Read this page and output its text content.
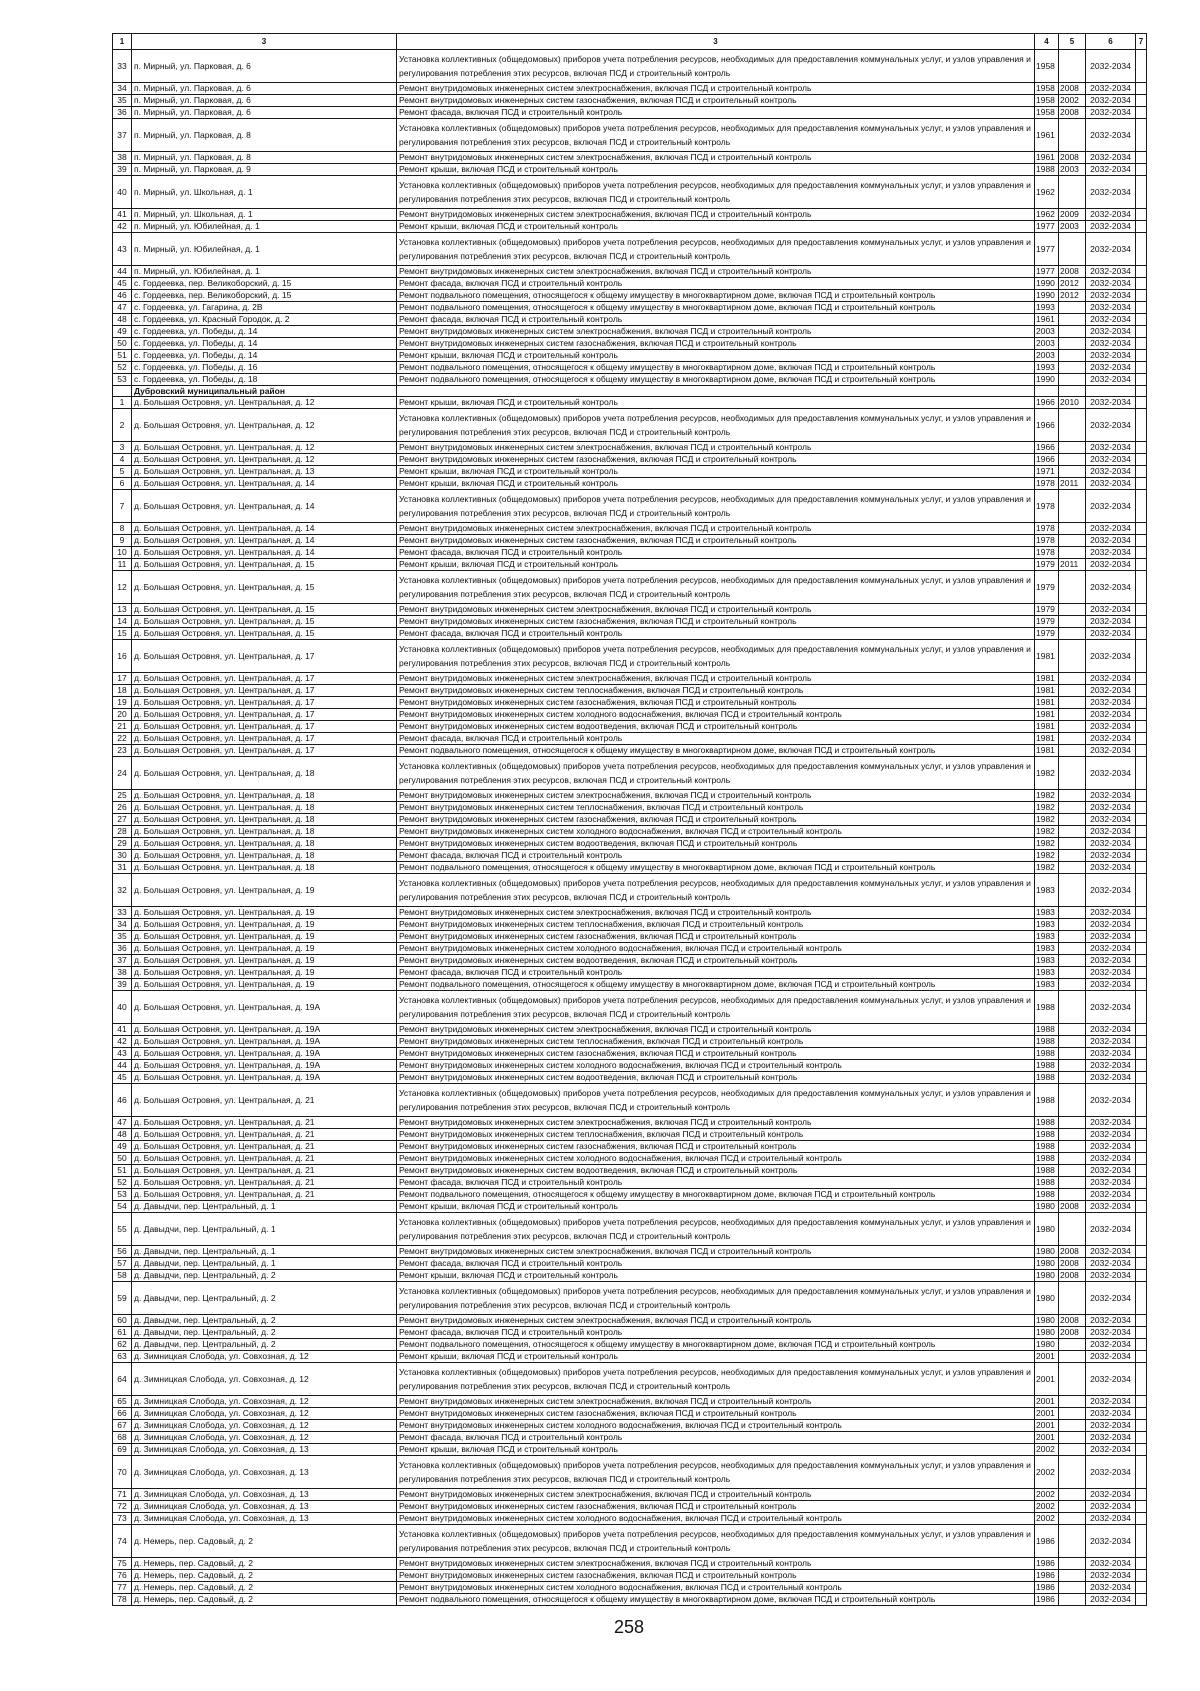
1	3	3	4	5	6	7
33	п. Мирный, ул. Парковая, д. 6	Установка коллективных (общедомовых) приборов учета потребления ресурсов, необходимых для предоставления коммунальных услуг, и узлов управления и регулирования потребления этих ресурсов, включая ПСД и строительный контроль	1958		2032-2034	
34	п. Мирный, ул. Парковая, д. 6	Ремонт внутридомовых инженерных систем электроснабжения, включая ПСД и строительный контроль	1958	2008	2032-2034	
35	п. Мирный, ул. Парковая, д. 6	Ремонт внутридомовых инженерных систем газоснабжения, включая ПСД и строительный контроль	1958	2002	2032-2034	
36	п. Мирный, ул. Парковая, д. 6	Ремонт фасада, включая ПСД и строительный контроль	1958	2008	2032-2034	
37	п. Мирный, ул. Парковая, д. 8	Установка коллективных (общедомовых) приборов учета потребления ресурсов, необходимых для предоставления коммунальных услуг, и узлов управления и регулирования потребления этих ресурсов, включая ПСД и строительный контроль	1961		2032-2034	
38	п. Мирный, ул. Парковая, д. 8	Ремонт внутридомовых инженерных систем электроснабжения, включая ПСД и строительный контроль	1961	2008	2032-2034	
39	п. Мирный, ул. Парковая, д. 9	Ремонт крыши, включая ПСД и строительный контроль	1988	2003	2032-2034	
40	п. Мирный, ул. Школьная, д. 1	Установка коллективных (общедомовых) приборов учета потребления ресурсов, необходимых для предоставления коммунальных услуг, и узлов управления и регулирования потребления этих ресурсов, включая ПСД и строительный контроль	1962		2032-2034	
41	п. Мирный, ул. Школьная, д. 1	Ремонт внутридомовых инженерных систем электроснабжения, включая ПСД и строительный контроль	1962	2009	2032-2034	
42	п. Мирный, ул. Юбилейная, д. 1	Ремонт крыши, включая ПСД и строительный контроль	1977	2003	2032-2034	
43	п. Мирный, ул. Юбилейная, д. 1	Установка коллективных (общедомовых) приборов учета потребления ресурсов, необходимых для предоставления коммунальных услуг, и узлов управления и регулирования потребления этих ресурсов, включая ПСД и строительный контроль	1977		2032-2034	
44	п. Мирный, ул. Юбилейная, д. 1	Ремонт внутридомовых инженерных систем электроснабжения, включая ПСД и строительный контроль	1977	2008	2032-2034	
45	с. Гордеевка, пер. Великоборский, д. 15	Ремонт фасада, включая ПСД и строительный контроль	1990	2012	2032-2034	
46	с. Гордеевка, пер. Великоборский, д. 15	Ремонт подвального помещения, относящегося к общему имуществу в многоквартирном доме, включая ПСД и строительный контроль	1990	2012	2032-2034	
47	с. Гордеевка, ул. Гагарина, д. 2В	Ремонт подвального помещения, относящегося к общему имуществу в многоквартирном доме, включая ПСД и строительный контроль	1993		2032-2034	
48	с. Гордеевка, ул. Красный Городок, д. 2	Ремонт фасада, включая ПСД и строительный контроль	1961		2032-2034	
49	с. Гордеевка, ул. Победы, д. 14	Ремонт внутридомовых инженерных систем электроснабжения, включая ПСД и строительный контроль	2003		2032-2034	
50	с. Гордеевка, ул. Победы, д. 14	Ремонт внутридомовых инженерных систем газоснабжения, включая ПСД и строительный контроль	2003		2032-2034	
51	с. Гордеевка, ул. Победы, д. 14	Ремонт крыши, включая ПСД и строительный контроль	2003		2032-2034	
52	с. Гордеевка, ул. Победы, д. 16	Ремонт подвального помещения, относящегося к общему имуществу в многоквартирном доме, включая ПСД и строительный контроль	1993		2032-2034	
53	с. Гордеевка, ул. Победы, д. 18	Ремонт подвального помещения, относящегося к общему имуществу в многоквартирном доме, включая ПСД и строительный контроль	1990		2032-2034	
	Дубровский муниципальный район					
1	д. Большая Островня, ул. Центральная, д. 12	Ремонт крыши, включая ПСД и строительный контроль	1966	2010	2032-2034	
2	д. Большая Островня, ул. Центральная, д. 12	Установка коллективных (общедомовых) приборов учета потребления ресурсов, необходимых для предоставления коммунальных услуг, и узлов управления и регулирования потребления этих ресурсов, включая ПСД и строительный контроль	1966		2032-2034	
3	д. Большая Островня, ул. Центральная, д. 12	Ремонт внутридомовых инженерных систем электроснабжения, включая ПСД и строительный контроль	1966		2032-2034	
4	д. Большая Островня, ул. Центральная, д. 12	Ремонт внутридомовых инженерных систем газоснабжения, включая ПСД и строительный контроль	1966		2032-2034	
5	д. Большая Островня, ул. Центральная, д. 13	Ремонт крыши, включая ПСД и строительный контроль	1971		2032-2034	
6	д. Большая Островня, ул. Центральная, д. 14	Ремонт крыши, включая ПСД и строительный контроль	1978	2011	2032-2034	
7	д. Большая Островня, ул. Центральная, д. 14	Установка коллективных (общедомовых) приборов учета потребления ресурсов, необходимых для предоставления коммунальных услуг, и узлов управления и регулирования потребления этих ресурсов, включая ПСД и строительный контроль	1978		2032-2034	
8	д. Большая Островня, ул. Центральная, д. 14	Ремонт внутридомовых инженерных систем электроснабжения, включая ПСД и строительный контроль	1978		2032-2034	
9	д. Большая Островня, ул. Центральная, д. 14	Ремонт внутридомовых инженерных систем газоснабжения, включая ПСД и строительный контроль	1978		2032-2034	
10	д. Большая Островня, ул. Центральная, д. 14	Ремонт фасада, включая ПСД и строительный контроль	1978		2032-2034	
11	д. Большая Островня, ул. Центральная, д. 15	Ремонт крыши, включая ПСД и строительный контроль	1979	2011	2032-2034	
12	д. Большая Островня, ул. Центральная, д. 15	Установка коллективных (общедомовых) приборов учета потребления ресурсов, необходимых для предоставления коммунальных услуг, и узлов управления и регулирования потребления этих ресурсов, включая ПСД и строительный контроль	1979		2032-2034	
13	д. Большая Островня, ул. Центральная, д. 15	Ремонт внутридомовых инженерных систем электроснабжения, включая ПСД и строительный контроль	1979		2032-2034	
14	д. Большая Островня, ул. Центральная, д. 15	Ремонт внутридомовых инженерных систем газоснабжения, включая ПСД и строительный контроль	1979		2032-2034	
15	д. Большая Островня, ул. Центральная, д. 15	Ремонт фасада, включая ПСД и строительный контроль	1979		2032-2034	
16	д. Большая Островня, ул. Центральная, д. 17	Установка коллективных (общедомовых) приборов учета потребления ресурсов, необходимых для предоставления коммунальных услуг, и узлов управления и регулирования потребления этих ресурсов, включая ПСД и строительный контроль	1981		2032-2034	
17	д. Большая Островня, ул. Центральная, д. 17	Ремонт внутридомовых инженерных систем электроснабжения, включая ПСД и строительный контроль	1981		2032-2034	
18	д. Большая Островня, ул. Центральная, д. 17	Ремонт внутридомовых инженерных систем теплоснабжения, включая ПСД и строительный контроль	1981		2032-2034	
19	д. Большая Островня, ул. Центральная, д. 17	Ремонт внутридомовых инженерных систем газоснабжения, включая ПСД и строительный контроль	1981		2032-2034	
20	д. Большая Островня, ул. Центральная, д. 17	Ремонт внутридомовых инженерных систем холодного водоснабжения, включая ПСД и строительный контроль	1981		2032-2034	
21	д. Большая Островня, ул. Центральная, д. 17	Ремонт внутридомовых инженерных систем водоотведения, включая ПСД и строительный контроль	1981		2032-2034	
22	д. Большая Островня, ул. Центральная, д. 17	Ремонт фасада, включая ПСД и строительный контроль	1981		2032-2034	
23	д. Большая Островня, ул. Центральная, д. 17	Ремонт подвального помещения, относящегося к общему имуществу в многоквартирном доме, включая ПСД и строительный контроль	1981		2032-2034	
24	д. Большая Островня, ул. Центральная, д. 18	Установка коллективных (общедомовых) приборов учета потребления ресурсов, необходимых для предоставления коммунальных услуг, и узлов управления и регулирования потребления этих ресурсов, включая ПСД и строительный контроль	1982		2032-2034	
25	д. Большая Островня, ул. Центральная, д. 18	Ремонт внутридомовых инженерных систем электроснабжения, включая ПСД и строительный контроль	1982		2032-2034	
26	д. Большая Островня, ул. Центральная, д. 18	Ремонт внутридомовых инженерных систем теплоснабжения, включая ПСД и строительный контроль	1982		2032-2034	
27	д. Большая Островня, ул. Центральная, д. 18	Ремонт внутридомовых инженерных систем газоснабжения, включая ПСД и строительный контроль	1982		2032-2034	
28	д. Большая Островня, ул. Центральная, д. 18	Ремонт внутридомовых инженерных систем холодного водоснабжения, включая ПСД и строительный контроль	1982		2032-2034	
29	д. Большая Островня, ул. Центральная, д. 18	Ремонт внутридомовых инженерных систем водоотведения, включая ПСД и строительный контроль	1982		2032-2034	
30	д. Большая Островня, ул. Центральная, д. 18	Ремонт фасада, включая ПСД и строительный контроль	1982		2032-2034	
31	д. Большая Островня, ул. Центральная, д. 18	Ремонт подвального помещения, относящегося к общему имуществу в многоквартирном доме, включая ПСД и строительный контроль	1982		2032-2034	
32	д. Большая Островня, ул. Центральная, д. 19	Установка коллективных (общедомовых) приборов учета потребления ресурсов, необходимых для предоставления коммунальных услуг, и узлов управления и регулирования потребления этих ресурсов, включая ПСД и строительный контроль	1983		2032-2034	
33	д. Большая Островня, ул. Центральная, д. 19	Ремонт внутридомовых инженерных систем электроснабжения, включая ПСД и строительный контроль	1983		2032-2034	
34	д. Большая Островня, ул. Центральная, д. 19	Ремонт внутридомовых инженерных систем теплоснабжения, включая ПСД и строительный контроль	1983		2032-2034	
35	д. Большая Островня, ул. Центральная, д. 19	Ремонт внутридомовых инженерных систем газоснабжения, включая ПСД и строительный контроль	1983		2032-2034	
36	д. Большая Островня, ул. Центральная, д. 19	Ремонт внутридомовых инженерных систем холодного водоснабжения, включая ПСД и строительный контроль	1983		2032-2034	
37	д. Большая Островня, ул. Центральная, д. 19	Ремонт внутридомовых инженерных систем водоотведения, включая ПСД и строительный контроль	1983		2032-2034	
38	д. Большая Островня, ул. Центральная, д. 19	Ремонт фасада, включая ПСД и строительный контроль	1983		2032-2034	
39	д. Большая Островня, ул. Центральная, д. 19	Ремонт подвального помещения, относящегося к общему имуществу в многоквартирном доме, включая ПСД и строительный контроль	1983		2032-2034	
40	д. Большая Островня, ул. Центральная, д. 19А	Установка коллективных (общедомовых) приборов учета потребления ресурсов, необходимых для предоставления коммунальных услуг, и узлов управления и регулирования потребления этих ресурсов, включая ПСД и строительный контроль	1988		2032-2034	
41	д. Большая Островня, ул. Центральная, д. 19А	Ремонт внутридомовых инженерных систем электроснабжения, включая ПСД и строительный контроль	1988		2032-2034	
42	д. Большая Островня, ул. Центральная, д. 19А	Ремонт внутридомовых инженерных систем теплоснабжения, включая ПСД и строительный контроль	1988		2032-2034	
43	д. Большая Островня, ул. Центральная, д. 19А	Ремонт внутридомовых инженерных систем газоснабжения, включая ПСД и строительный контроль	1988		2032-2034	
44	д. Большая Островня, ул. Центральная, д. 19А	Ремонт внутридомовых инженерных систем холодного водоснабжения, включая ПСД и строительный контроль	1988		2032-2034	
45	д. Большая Островня, ул. Центральная, д. 19А	Ремонт внутридомовых инженерных систем водоотведения, включая ПСД и строительный контроль	1988		2032-2034	
46	д. Большая Островня, ул. Центральная, д. 21	Установка коллективных (общедомовых) приборов учета потребления ресурсов, необходимых для предоставления коммунальных услуг, и узлов управления и регулирования потребления этих ресурсов, включая ПСД и строительный контроль	1988		2032-2034	
47	д. Большая Островня, ул. Центральная, д. 21	Ремонт внутридомовых инженерных систем электроснабжения, включая ПСД и строительный контроль	1988		2032-2034	
48	д. Большая Островня, ул. Центральная, д. 21	Ремонт внутридомовых инженерных систем теплоснабжения, включая ПСД и строительный контроль	1988		2032-2034	
49	д. Большая Островня, ул. Центральная, д. 21	Ремонт внутридомовых инженерных систем газоснабжения, включая ПСД и строительный контроль	1988		2032-2034	
50	д. Большая Островня, ул. Центральная, д. 21	Ремонт внутридомовых инженерных систем холодного водоснабжения, включая ПСД и строительный контроль	1988		2032-2034	
51	д. Большая Островня, ул. Центральная, д. 21	Ремонт внутридомовых инженерных систем водоотведения, включая ПСД и строительный контроль	1988		2032-2034	
52	д. Большая Островня, ул. Центральная, д. 21	Ремонт фасада, включая ПСД и строительный контроль	1988		2032-2034	
53	д. Большая Островня, ул. Центральная, д. 21	Ремонт подвального помещения, относящегося к общему имуществу в многоквартирном доме, включая ПСД и строительный контроль	1988		2032-2034	
54	д. Давыдчи, пер. Центральный, д. 1	Ремонт крыши, включая ПСД и строительный контроль	1980	2008	2032-2034	
55	д. Давыдчи, пер. Центральный, д. 1	Установка коллективных (общедомовых) приборов учета потребления ресурсов, необходимых для предоставления коммунальных услуг, и узлов управления и регулирования потребления этих ресурсов, включая ПСД и строительный контроль	1980		2032-2034	
56	д. Давыдчи, пер. Центральный, д. 1	Ремонт внутридомовых инженерных систем электроснабжения, включая ПСД и строительный контроль	1980	2008	2032-2034	
57	д. Давыдчи, пер. Центральный, д. 1	Ремонт фасада, включая ПСД и строительный контроль	1980	2008	2032-2034	
58	д. Давыдчи, пер. Центральный, д. 2	Ремонт крыши, включая ПСД и строительный контроль	1980	2008	2032-2034	
59	д. Давыдчи, пер. Центральный, д. 2	Установка коллективных (общедомовых) приборов учета потребления ресурсов, необходимых для предоставления коммунальных услуг, и узлов управления и регулирования потребления этих ресурсов, включая ПСД и строительный контроль	1980		2032-2034	
60	д. Давыдчи, пер. Центральный, д. 2	Ремонт внутридомовых инженерных систем электроснабжения, включая ПСД и строительный контроль	1980	2008	2032-2034	
61	д. Давыдчи, пер. Центральный, д. 2	Ремонт фасада, включая ПСД и строительный контроль	1980	2008	2032-2034	
62	д. Давыдчи, пер. Центральный, д. 2	Ремонт подвального помещения, относящегося к общему имуществу в многоквартирном доме, включая ПСД и строительный контроль	1980		2032-2034	
63	д. Зимницкая Слобода, ул. Совхозная, д. 12	Ремонт крыши, включая ПСД и строительный контроль	2001		2032-2034	
64	д. Зимницкая Слобода, ул. Совхозная, д. 12	Установка коллективных (общедомовых) приборов учета потребления ресурсов, необходимых для предоставления коммунальных услуг, и узлов управления и регулирования потребления этих ресурсов, включая ПСД и строительный контроль	2001		2032-2034	
65	д. Зимницкая Слобода, ул. Совхозная, д. 12	Ремонт внутридомовых инженерных систем электроснабжения, включая ПСД и строительный контроль	2001		2032-2034	
66	д. Зимницкая Слобода, ул. Совхозная, д. 12	Ремонт внутридомовых инженерных систем газоснабжения, включая ПСД и строительный контроль	2001		2032-2034	
67	д. Зимницкая Слобода, ул. Совхозная, д. 12	Ремонт внутридомовых инженерных систем холодного водоснабжения, включая ПСД и строительный контроль	2001		2032-2034	
68	д. Зимницкая Слобода, ул. Совхозная, д. 12	Ремонт фасада, включая ПСД и строительный контроль	2001		2032-2034	
69	д. Зимницкая Слобода, ул. Совхозная, д. 13	Ремонт крыши, включая ПСД и строительный контроль	2002		2032-2034	
70	д. Зимницкая Слобода, ул. Совхозная, д. 13	Установка коллективных (общедомовых) приборов учета потребления ресурсов, необходимых для предоставления коммунальных услуг, и узлов управления и регулирования потребления этих ресурсов, включая ПСД и строительный контроль	2002		2032-2034	
71	д. Зимницкая Слобода, ул. Совхозная, д. 13	Ремонт внутридомовых инженерных систем электроснабжения, включая ПСД и строительный контроль	2002		2032-2034	
72	д. Зимницкая Слобода, ул. Совхозная, д. 13	Ремонт внутридомовых инженерных систем газоснабжения, включая ПСД и строительный контроль	2002		2032-2034	
73	д. Зимницкая Слобода, ул. Совхозная, д. 13	Ремонт внутридомовых инженерных систем холодного водоснабжения, включая ПСД и строительный контроль	2002		2032-2034	
74	д. Немерь, пер. Садовый, д. 2	Установка коллективных (общедомовых) приборов учета потребления ресурсов, необходимых для предоставления коммунальных услуг, и узлов управления и регулирования потребления этих ресурсов, включая ПСД и строительный контроль	1986		2032-2034	
75	д. Немерь, пер. Садовый, д. 2	Ремонт внутридомовых инженерных систем электроснабжения, включая ПСД и строительный контроль	1986		2032-2034	
76	д. Немерь, пер. Садовый, д. 2	Ремонт внутридомовых инженерных систем газоснабжения, включая ПСД и строительный контроль	1986		2032-2034	
77	д. Немерь, пер. Садовый, д. 2	Ремонт внутридомовых инженерных систем холодного водоснабжения, включая ПСД и строительный контроль	1986		2032-2034	
78	д. Немерь, пер. Садовый, д. 2	Ремонт подвального помещения, относящегося к общему имуществу в многоквартирном доме, включая ПСД и строительный контроль	1986		2032-2034	
258
